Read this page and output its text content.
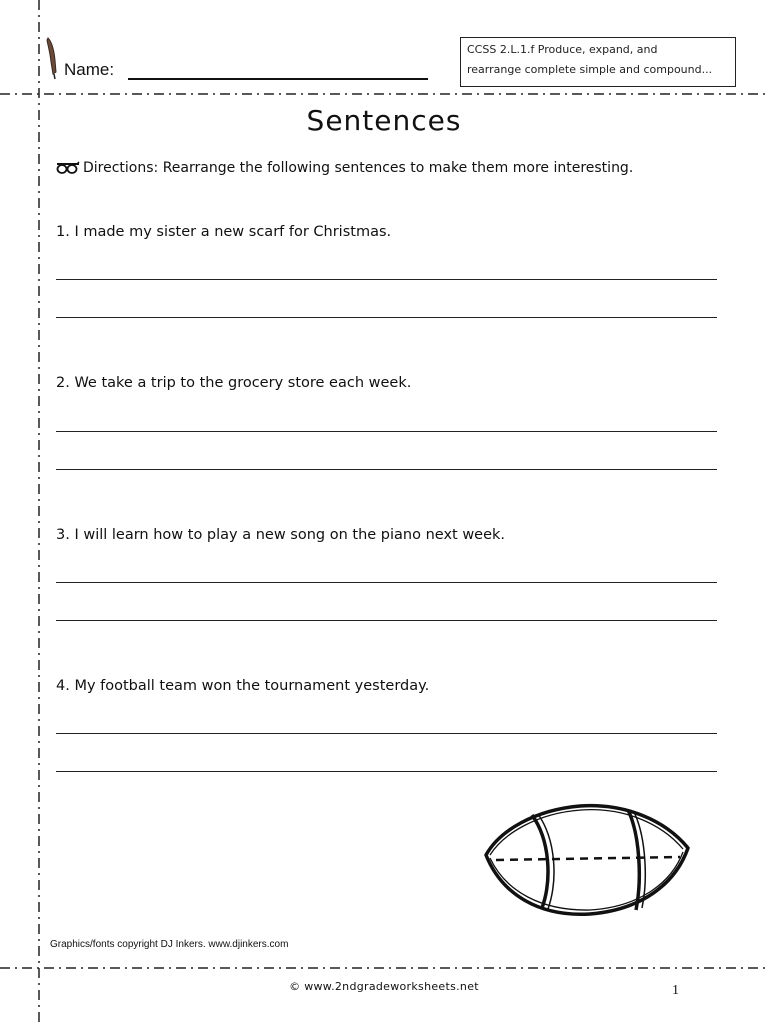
Name:
CCSS 2.L.1.f Produce, expand, and
rearrange complete simple and compound...
Sentences
Directions: Rearrange the following sentences to make them more interesting.
1. I made my sister a new scarf for Christmas.
2. We take a trip to the grocery store each week.
3. I will learn how to play a new song on the piano next week.
4. My football team won the tournament yesterday.
Graphics/fonts copyright DJ Inkers. www.djinkers.com
© www.2ndgradeworksheets.net	1
